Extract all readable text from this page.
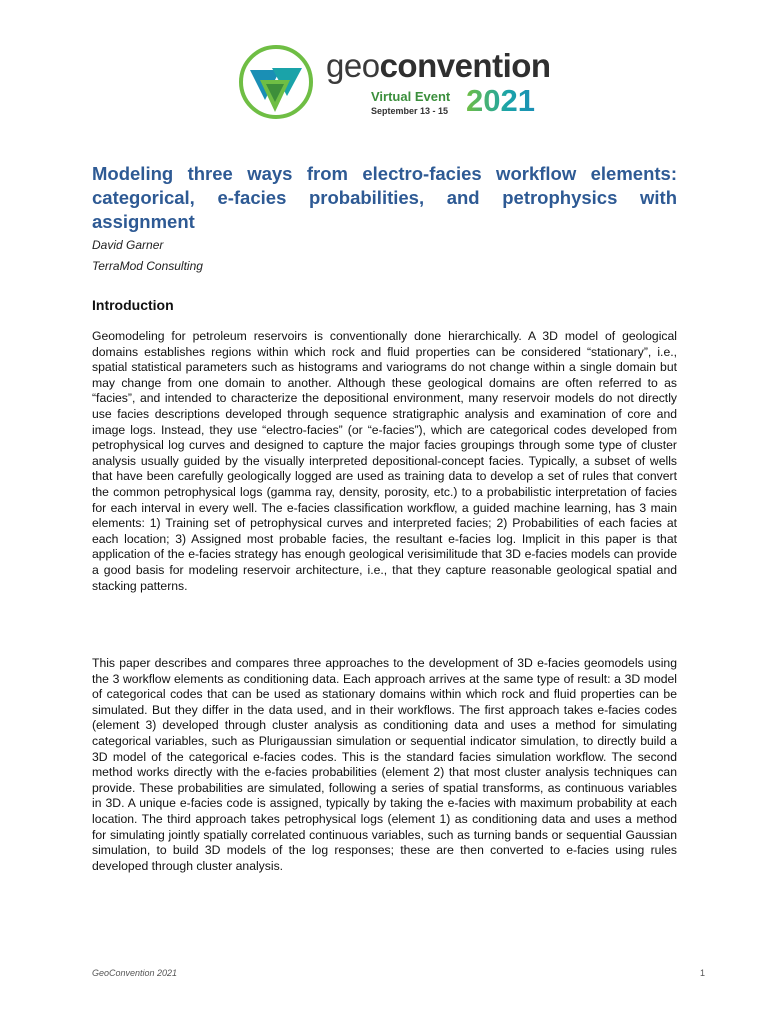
geoconvention
Virtual Event
September 13 - 15 2021
Modeling three ways from electro-facies workflow elements: categorical, e-facies probabilities, and petrophysics with assignment

David Garner

TerraMod Consulting

Introduction

Geomodeling for petroleum reservoirs is conventionally done hierarchically. A 3D model of geological domains establishes regions within which rock and fluid properties can be considered “stationary”, i.e., spatial statistical parameters such as histograms and variograms do not change within a single domain but may change from one domain to another. Although these geological domains are often referred to as “facies”, and intended to characterize the depositional environment, many reservoir models do not directly use facies descriptions developed through sequence stratigraphic analysis and examination of core and image logs. Instead, they use “electro-facies” (or “e-facies”), which are categorical codes developed from petrophysical log curves and designed to capture the major facies groupings through some type of cluster analysis usually guided by the visually interpreted depositional-concept facies. Typically, a subset of wells that have been carefully geologically logged are used as training data to develop a set of rules that convert the common petrophysical logs (gamma ray, density, porosity, etc.) to a probabilistic interpretation of facies for each interval in every well. The e-facies classification workflow, a guided machine learning, has 3 main elements: 1) Training set of petrophysical curves and interpreted facies; 2) Probabilities of each facies at each location; 3) Assigned most probable facies, the resultant e-facies log. Implicit in this paper is that application of the e-facies strategy has enough geological verisimilitude that 3D e-facies models can provide a good basis for modeling reservoir architecture, i.e., that they capture reasonable geological spatial and stacking patterns.

This paper describes and compares three approaches to the development of 3D e-facies geomodels using the 3 workflow elements as conditioning data. Each approach arrives at the same type of result: a 3D model of categorical codes that can be used as stationary domains within which rock and fluid properties can be simulated. But they differ in the data used, and in their workflows. The first approach takes e-facies codes (element 3) developed through cluster analysis as conditioning data and uses a method for simulating categorical variables, such as Plurigaussian simulation or sequential indicator simulation, to directly build a 3D model of the categorical e-facies codes. This is the standard facies simulation workflow. The second method works directly with the e-facies probabilities (element 2) that most cluster analysis techniques can provide. These probabilities are simulated, following a series of spatial transforms, as continuous variables in 3D. A unique e-facies code is assigned, typically by taking the e-facies with maximum probability at each location. The third approach takes petrophysical logs (element 1) as conditioning data and uses a method for simulating jointly spatially correlated continuous variables, such as turning bands or sequential Gaussian simulation, to build 3D models of the log responses; these are then converted to e-facies using rules developed through cluster analysis.

GeoConvention 2021	1
